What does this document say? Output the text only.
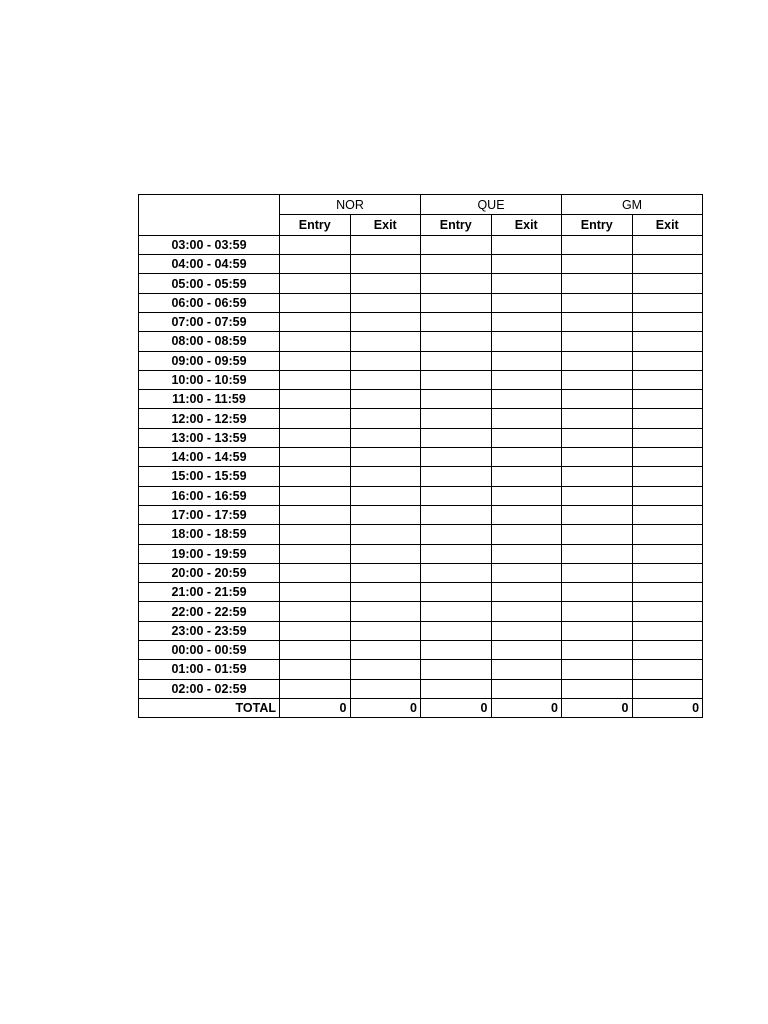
	NOR		QUE		GM	
	Entry	Exit	Entry	Exit	Entry	Exit
03:00 - 03:59						
04:00 - 04:59						
05:00 - 05:59						
06:00 - 06:59						
07:00 - 07:59						
08:00 - 08:59						
09:00 - 09:59						
10:00 - 10:59						
11:00 - 11:59						
12:00 - 12:59						
13:00 - 13:59						
14:00 - 14:59						
15:00 - 15:59						
16:00 - 16:59						
17:00 - 17:59						
18:00 - 18:59						
19:00 - 19:59						
20:00 - 20:59						
21:00 - 21:59						
22:00 - 22:59						
23:00 - 23:59						
00:00 - 00:59						
01:00 - 01:59						
02:00 - 02:59						
TOTAL	0	0	0	0	0	0
